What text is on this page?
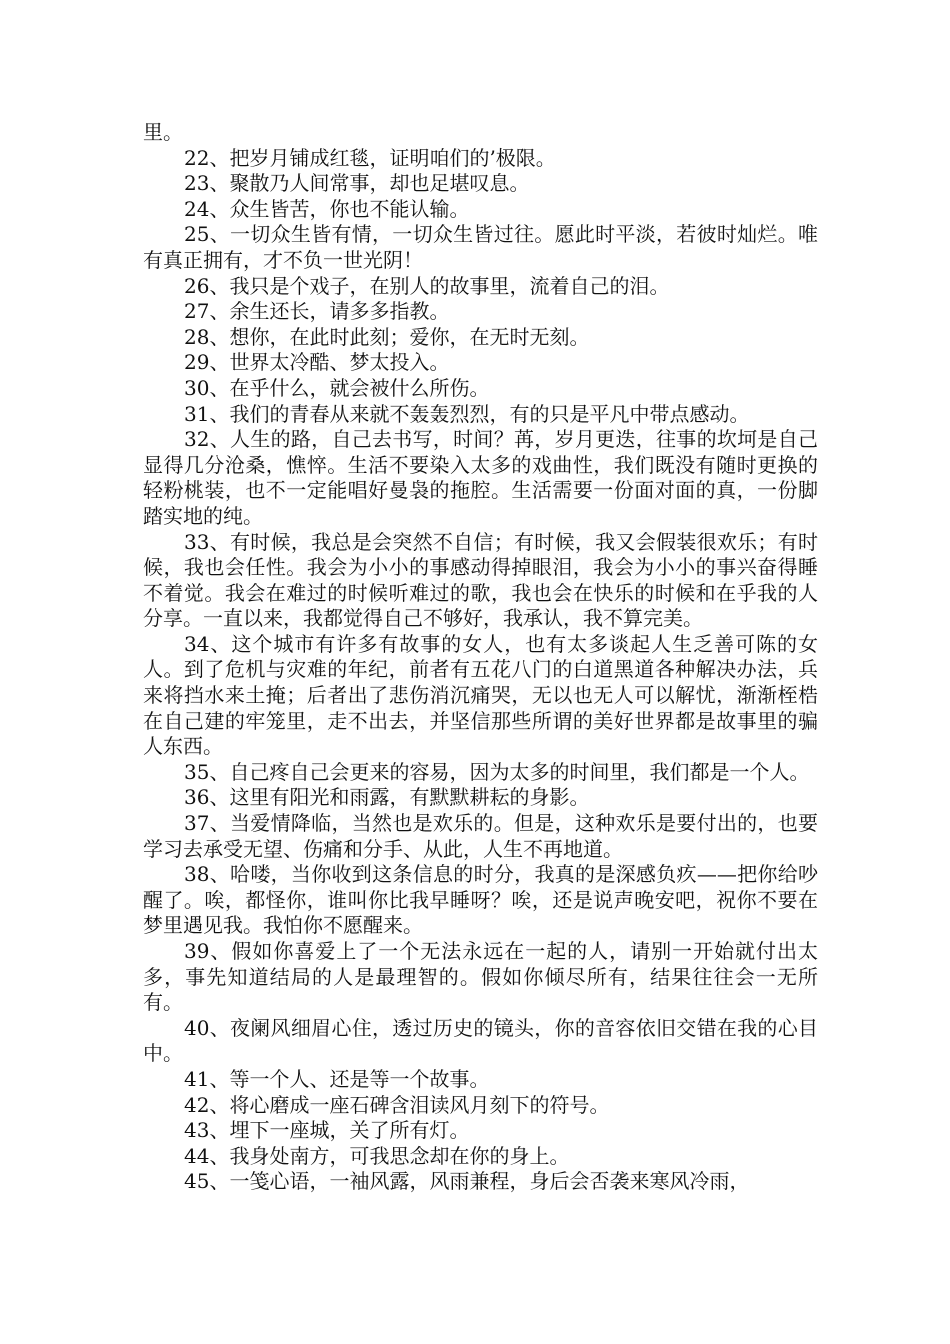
里。

22、把岁月铺成红毯，证明咱们的’极限。

23、聚散乃人间常事，却也足堪叹息。

24、众生皆苦，你也不能认输。

25、一切众生皆有情，一切众生皆过往。愿此时平淡，若彼时灿烂。唯有真正拥有，才不负一世光阴！

26、我只是个戏子，在别人的故事里，流着自己的泪。

27、余生还长，请多多指教。

28、想你，在此时此刻；爱你，在无时无刻。

29、世界太冷酷、梦太投入。

30、在乎什么，就会被什么所伤。

31、我们的青春从来就不轰轰烈烈，有的只是平凡中带点感动。

32、人生的路，自己去书写，时间？苒，岁月更迭，往事的坎坷是自己显得几分沧桑，憔悴。生活不要染入太多的戏曲性，我们既没有随时更换的轻粉桃装，也不一定能唱好曼袅的拖腔。生活需要一份面对面的真，一份脚踏实地的纯。

33、有时候，我总是会突然不自信；有时候，我又会假装很欢乐；有时候，我也会任性。我会为小小的事感动得掉眼泪，我会为小小的事兴奋得睡不着觉。我会在难过的时候听难过的歌，我也会在快乐的时候和在乎我的人分享。一直以来，我都觉得自己不够好，我承认，我不算完美。

34、这个城市有许多有故事的女人，也有太多谈起人生乏善可陈的女人。到了危机与灾难的年纪，前者有五花八门的白道黑道各种解决办法，兵来将挡水来土掩；后者出了悲伤消沉痛哭，无以也无人可以解忧，渐渐桎梏在自己建的牢笼里，走不出去，并坚信那些所谓的美好世界都是故事里的骗人东西。

35、自己疼自己会更来的容易，因为太多的时间里，我们都是一个人。

36、这里有阳光和雨露，有默默耕耘的身影。

37、当爱情降临，当然也是欢乐的。但是，这种欢乐是要付出的，也要学习去承受无望、伤痛和分手、从此，人生不再地道。

38、哈喽，当你收到这条信息的时分，我真的是深感负疚——把你给吵醒了。唉，都怪你，谁叫你比我早睡呀？唉，还是说声晚安吧，祝你不要在梦里遇见我。我怕你不愿醒来。

39、假如你喜爱上了一个无法永远在一起的人，请别一开始就付出太多，事先知道结局的人是最理智的。假如你倾尽所有，结果往往会一无所有。

40、夜阑风细眉心住，透过历史的镜头，你的音容依旧交错在我的心目中。

41、等一个人、还是等一个故事。

42、将心磨成一座石碑含泪读风月刻下的符号。

43、埋下一座城，关了所有灯。

44、我身处南方，可我思念却在你的身上。

45、一笺心语，一袖风露，风雨兼程，身后会否袭来寒风冷雨，
